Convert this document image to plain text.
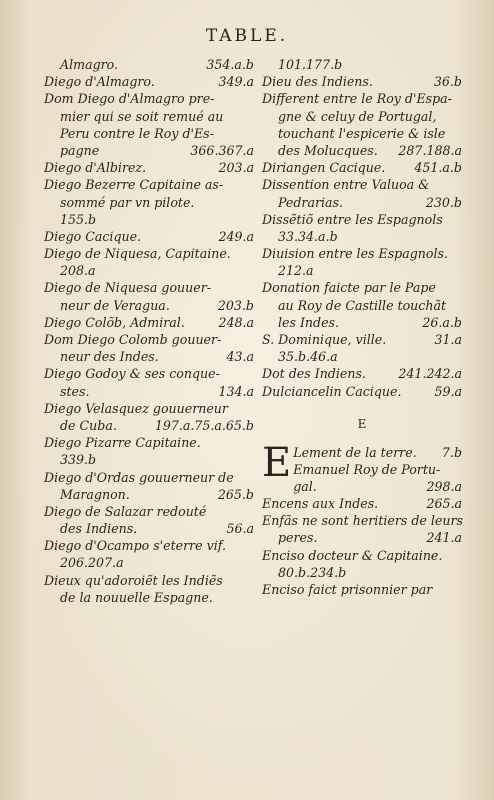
TABLE.
Almagro.	354.a.b
Diego d'Almagro.	349.a
Dom Diego d'Almagro pre-
mier qui se soit remué au
Peru contre le Roy d'Es-
pagne	366.367.a
Diego d'Albirez.	203.a
Diego Bezerre Capitaine as-
sommé par vn pilote.
155.b
Diego Cacique.	249.a
Diego de Niquesa, Capitaine.
208.a
Diego de Niquesa gouuer-
neur de Veragua.	203.b
Diego Colõb, Admiral.	248.a
Dom Diego Colomb gouuer-
neur des Indes.	43.a
Diego Godoy & ses conque-
stes.	134.a
Diego Velasquez gouuerneur
de Cuba.	197.a.75.a.65.b
Diego Pizarre Capitaine.
339.b
Diego d'Ordas gouuerneur de
Maragnon.	265.b
Diego de Salazar redouté
des Indiens.	56.a
Diego d'Ocampo s'eterre vif.
206.207.a
Dieux qu'adoroiẽt les Indiẽs
de la nouuelle Espagne.
101.177.b
Dieu des Indiens.	36.b
Different entre le Roy d'Espa-
gne & celuy de Portugal,
touchant l'espicerie & isle
des Molucques. 287.188.a
Diriangen Cacique. 451.a.b
Dissention entre Valuoa &
Pedrarias.	230.b
Dissẽtiõ entre les Espagnols
33.34.a.b
Diuision entre les Espagnols.
212.a
Donation faicte par le Pape
au Roy de Castille touchãt
les Indes.	26.a.b
S. Dominique, ville.	31.a
35.b.46.a
Dot des Indiens.	241.242.a
Dulciancelin Cacique.	59.a
E
E Lement de la terre. 7.b
Emanuel Roy de Portu-
gal.	298.a
Encens aux Indes.	265.a
Enfãs ne sont heritiers de leurs
peres.	241.a
Enciso docteur & Capitaine.
80.b.234.b
Enciso faict prisonnier par
